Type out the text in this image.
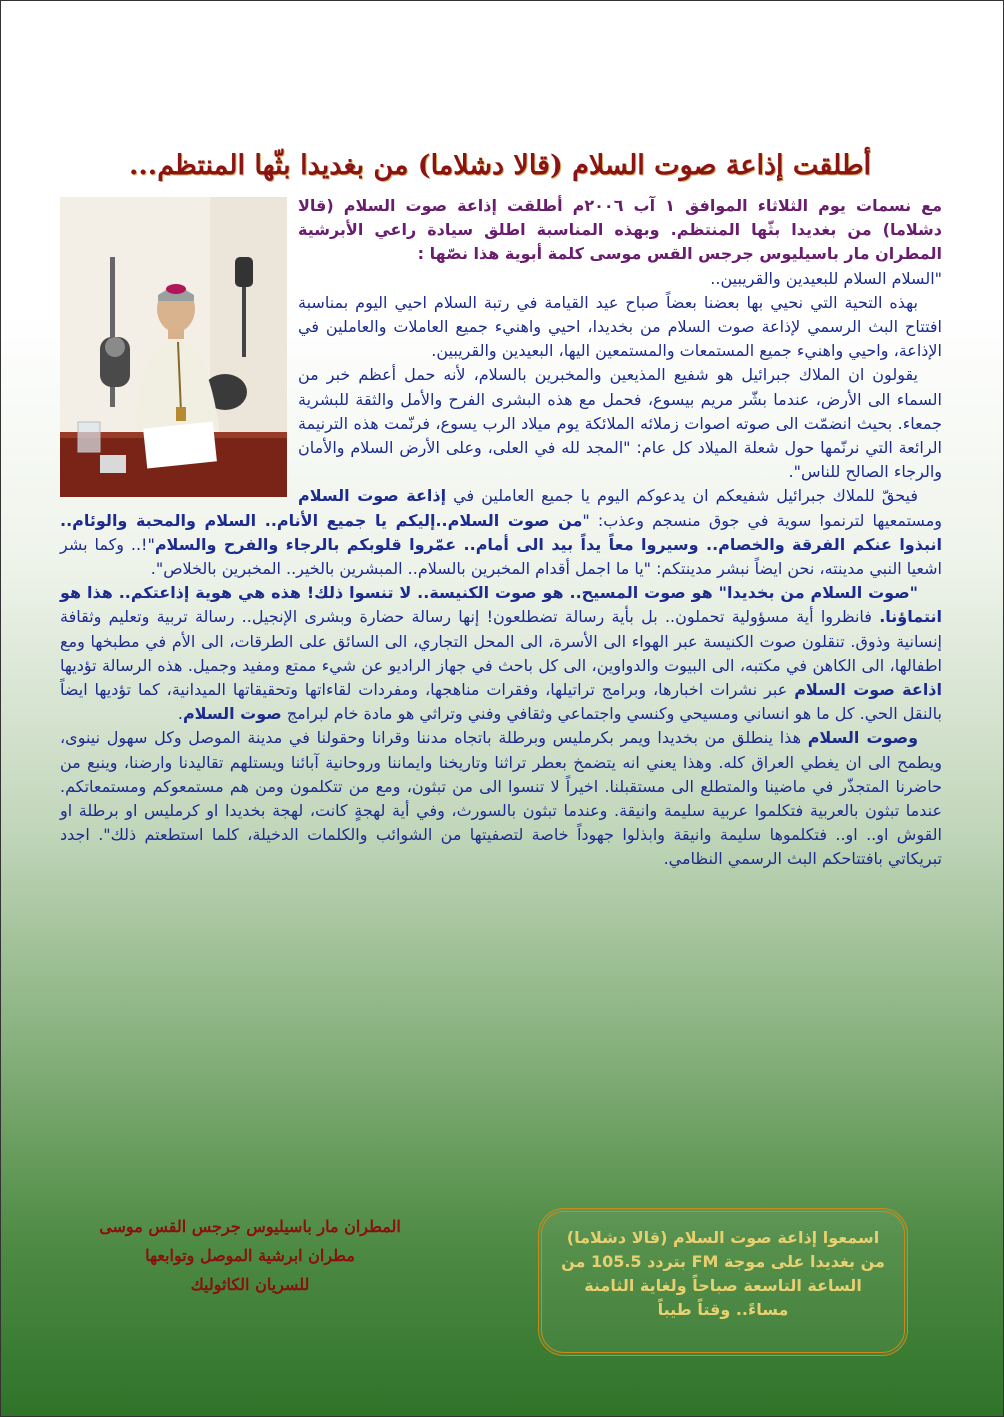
أطلقت إذاعة صوت السلام (قالا دشلاما) من بغديدا بثّها المنتظم...

مع نسمات يوم الثلاثاء الموافق ١ آب ٢٠٠٦م أطلقت إذاعة صوت السلام (قالا دشلاما) من بغديدا بثّها المنتظم. وبهذه المناسبة اطلق سيادة راعي الأبرشية المطران مار باسيليوس جرجس القس موسى كلمة أبوية هذا نصّها :

"السلام السلام للبعيدين والقريبين..

بهذه التحية التي نحيي بها بعضنا بعضاً صباح عيد القيامة في رتبة السلام احيي اليوم بمناسبة افتتاح البث الرسمي لإذاعة صوت السلام من بخديدا، احيي واهنيء جميع العاملات والعاملين في الإذاعة، واحيي واهنيء جميع المستمعات والمستمعين اليها، البعيدين والقريبين.

يقولون ان الملاك جبرائيل هو شفيع المذيعين والمخبرين بالسلام، لأنه حمل أعظم خبر من السماء الى الأرض، عندما بشّر مريم بيسوع، فحمل مع هذه البشرى الفرح والأمل والثقة للبشرية جمعاء. بحيث انضمّت الى صوته اصوات زملائه الملائكة يوم ميلاد الرب يسوع، فرنّمت هذه الترنيمة الرائعة التي نرنّمها حول شعلة الميلاد كل عام: "المجد لله في العلى، وعلى الأرض السلام والأمان والرجاء الصالح للناس".

فيحقّ للملاك جبرائيل شفيعكم ان يدعوكم اليوم يا جميع العاملين في إذاعة صوت السلام ومستمعيها لترنموا سوية في جوق منسجم وعذب: "من صوت السلام..إليكم يا جميع الأنام.. السلام والمحبة والوئام.. انبذوا عنكم الفرقة والخصام.. وسيروا معاً يداً بيد الى أمام.. عمّروا قلوبكم بالرجاء والفرح والسلام"!.. وكما بشر اشعيا النبي مدينته، نحن ايضاً نبشر مدينتكم: "يا ما اجمل أقدام المخبرين بالسلام.. المبشرين بالخير.. المخبرين بالخلاص".

"صوت السلام من بخديدا" هو صوت المسيح.. هو صوت الكنيسة.. لا تنسوا ذلك! هذه هي هوية إذاعتكم.. هذا هو انتماؤنا. فانظروا أية مسؤولية تحملون.. بل بأية رسالة تضطلعون! إنها رسالة حضارة وبشرى الإنجيل.. رسالة تربية وتعليم وثقافة إنسانية وذوق. تنقلون صوت الكنيسة عبر الهواء الى الأسرة، الى المحل التجاري، الى السائق على الطرقات، الى الأم في مطبخها ومع اطفالها، الى الكاهن في مكتبه، الى البيوت والدواوين، الى كل باحث في جهاز الراديو عن شيء ممتع ومفيد وجميل. هذه الرسالة تؤديها اذاعة صوت السلام عبر نشرات اخبارها، وبرامج تراتيلها، وفقرات مناهجها، ومفردات لقاءاتها وتحقيقاتها الميدانية، كما تؤديها ايضاً بالنقل الحي. كل ما هو انساني ومسيحي وكنسي واجتماعي وثقافي وفني وتراثي هو مادة خام لبرامج صوت السلام.

وصوت السلام هذا ينطلق من بخديدا ويمر بكرمليس وبرطلة باتجاه مدننا وقرانا وحقولنا في مدينة الموصل وكل سهول نينوى، ويطمح الى ان يغطي العراق كله. وهذا يعني انه يتضمخ بعطر تراثنا وتاريخنا وايماننا وروحانية آبائنا ويستلهم تقاليدنا وارضنا، وينبع من حاضرنا المتجذّر في ماضينا والمتطلع الى مستقبلنا. اخيراً لا تنسوا الى من تبثون، ومع من تتكلمون ومن هم مستمعوكم ومستمعاتكم. عندما تبثون بالعربية فتكلموا عربية سليمة وانيقة. وعندما تبثون بالسورث، وفي أية لهجةٍ كانت، لهجة بخديدا او كرمليس او برطلة او القوش او.. او.. فتكلموها سليمة وانيقة وابذلوا جهوداً خاصة لتصفيتها من الشوائب والكلمات الدخيلة، كلما استطعتم ذلك". اجدد تبريكاتي بافتتاحكم البث الرسمي النظامي.

المطران مار باسيليوس جرجس القس موسى
مطران ابرشية الموصل وتوابعها
للسريان الكاثوليك
اسمعوا إذاعة صوت السلام (قالا دشلاما) من بغديدا على موجة FM بتردد 105.5 من الساعة التاسعة صباحاً ولغاية الثامنة مساءً.. وقتاً طيباً
